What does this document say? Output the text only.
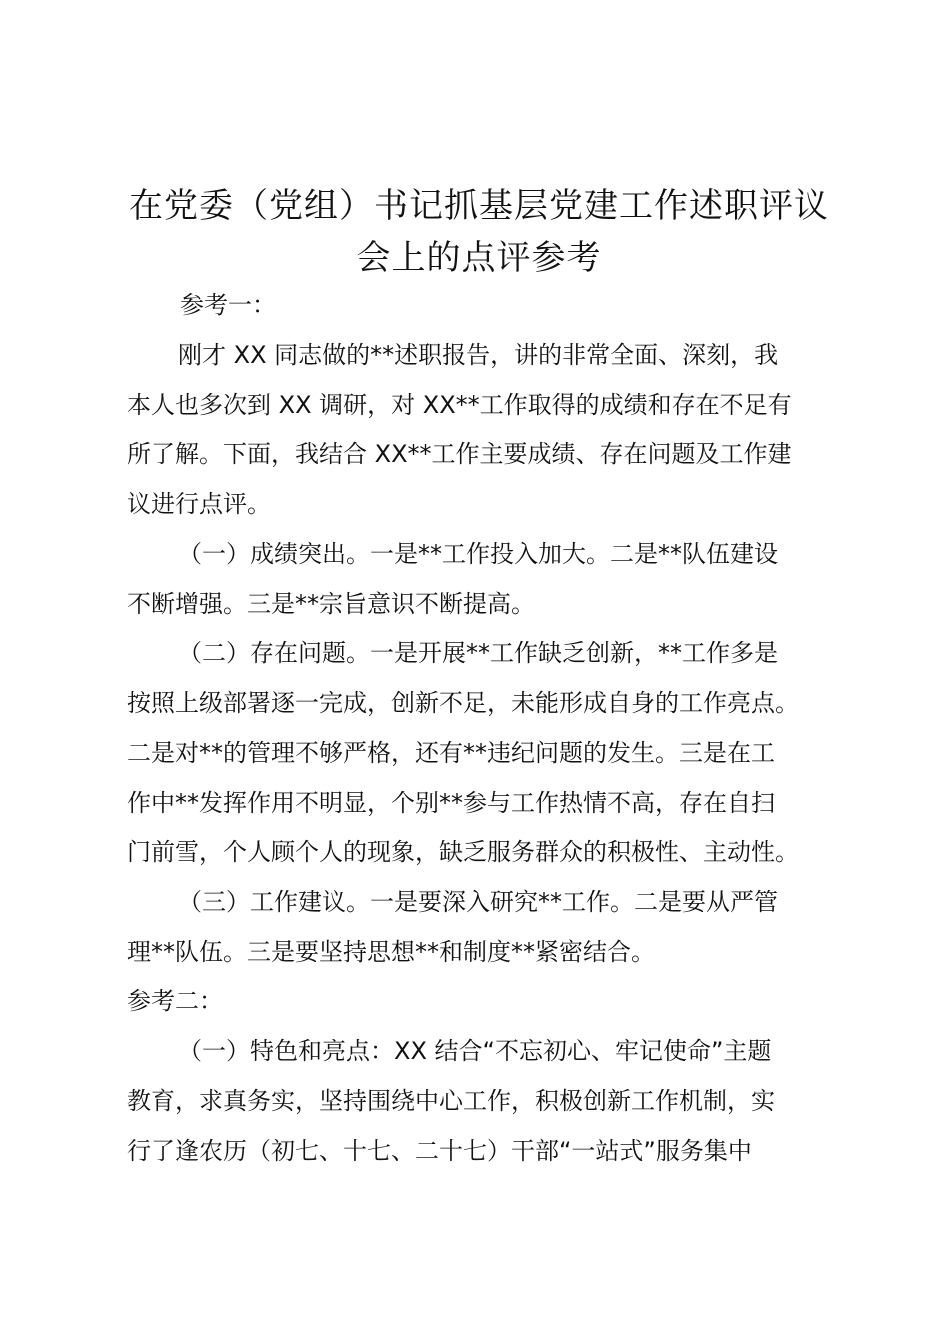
在党委（党组）书记抓基层党建工作述职评议
会上的点评参考

参考一：

刚才 XX 同志做的**述职报告，讲的非常全面、深刻，我

本人也多次到 XX 调研，对 XX**工作取得的成绩和存在不足有

所了解。下面，我结合 XX**工作主要成绩、存在问题及工作建

议进行点评。

（一）成绩突出。一是**工作投入加大。二是**队伍建设

不断增强。三是**宗旨意识不断提高。

（二）存在问题。一是开展**工作缺乏创新，**工作多是

按照上级部署逐一完成，创新不足，未能形成自身的工作亮点。

二是对**的管理不够严格，还有**违纪问题的发生。三是在工

作中**发挥作用不明显，个别**参与工作热情不高，存在自扫

门前雪，个人顾个人的现象，缺乏服务群众的积极性、主动性。

（三）工作建议。一是要深入研究**工作。二是要从严管

理**队伍。三是要坚持思想**和制度**紧密结合。

参考二：

（一）特色和亮点：XX 结合“不忘初心、牢记使命”主题

教育，求真务实，坚持围绕中心工作，积极创新工作机制，实

行了逢农历（初七、十七、二十七）干部“一站式”服务集中
